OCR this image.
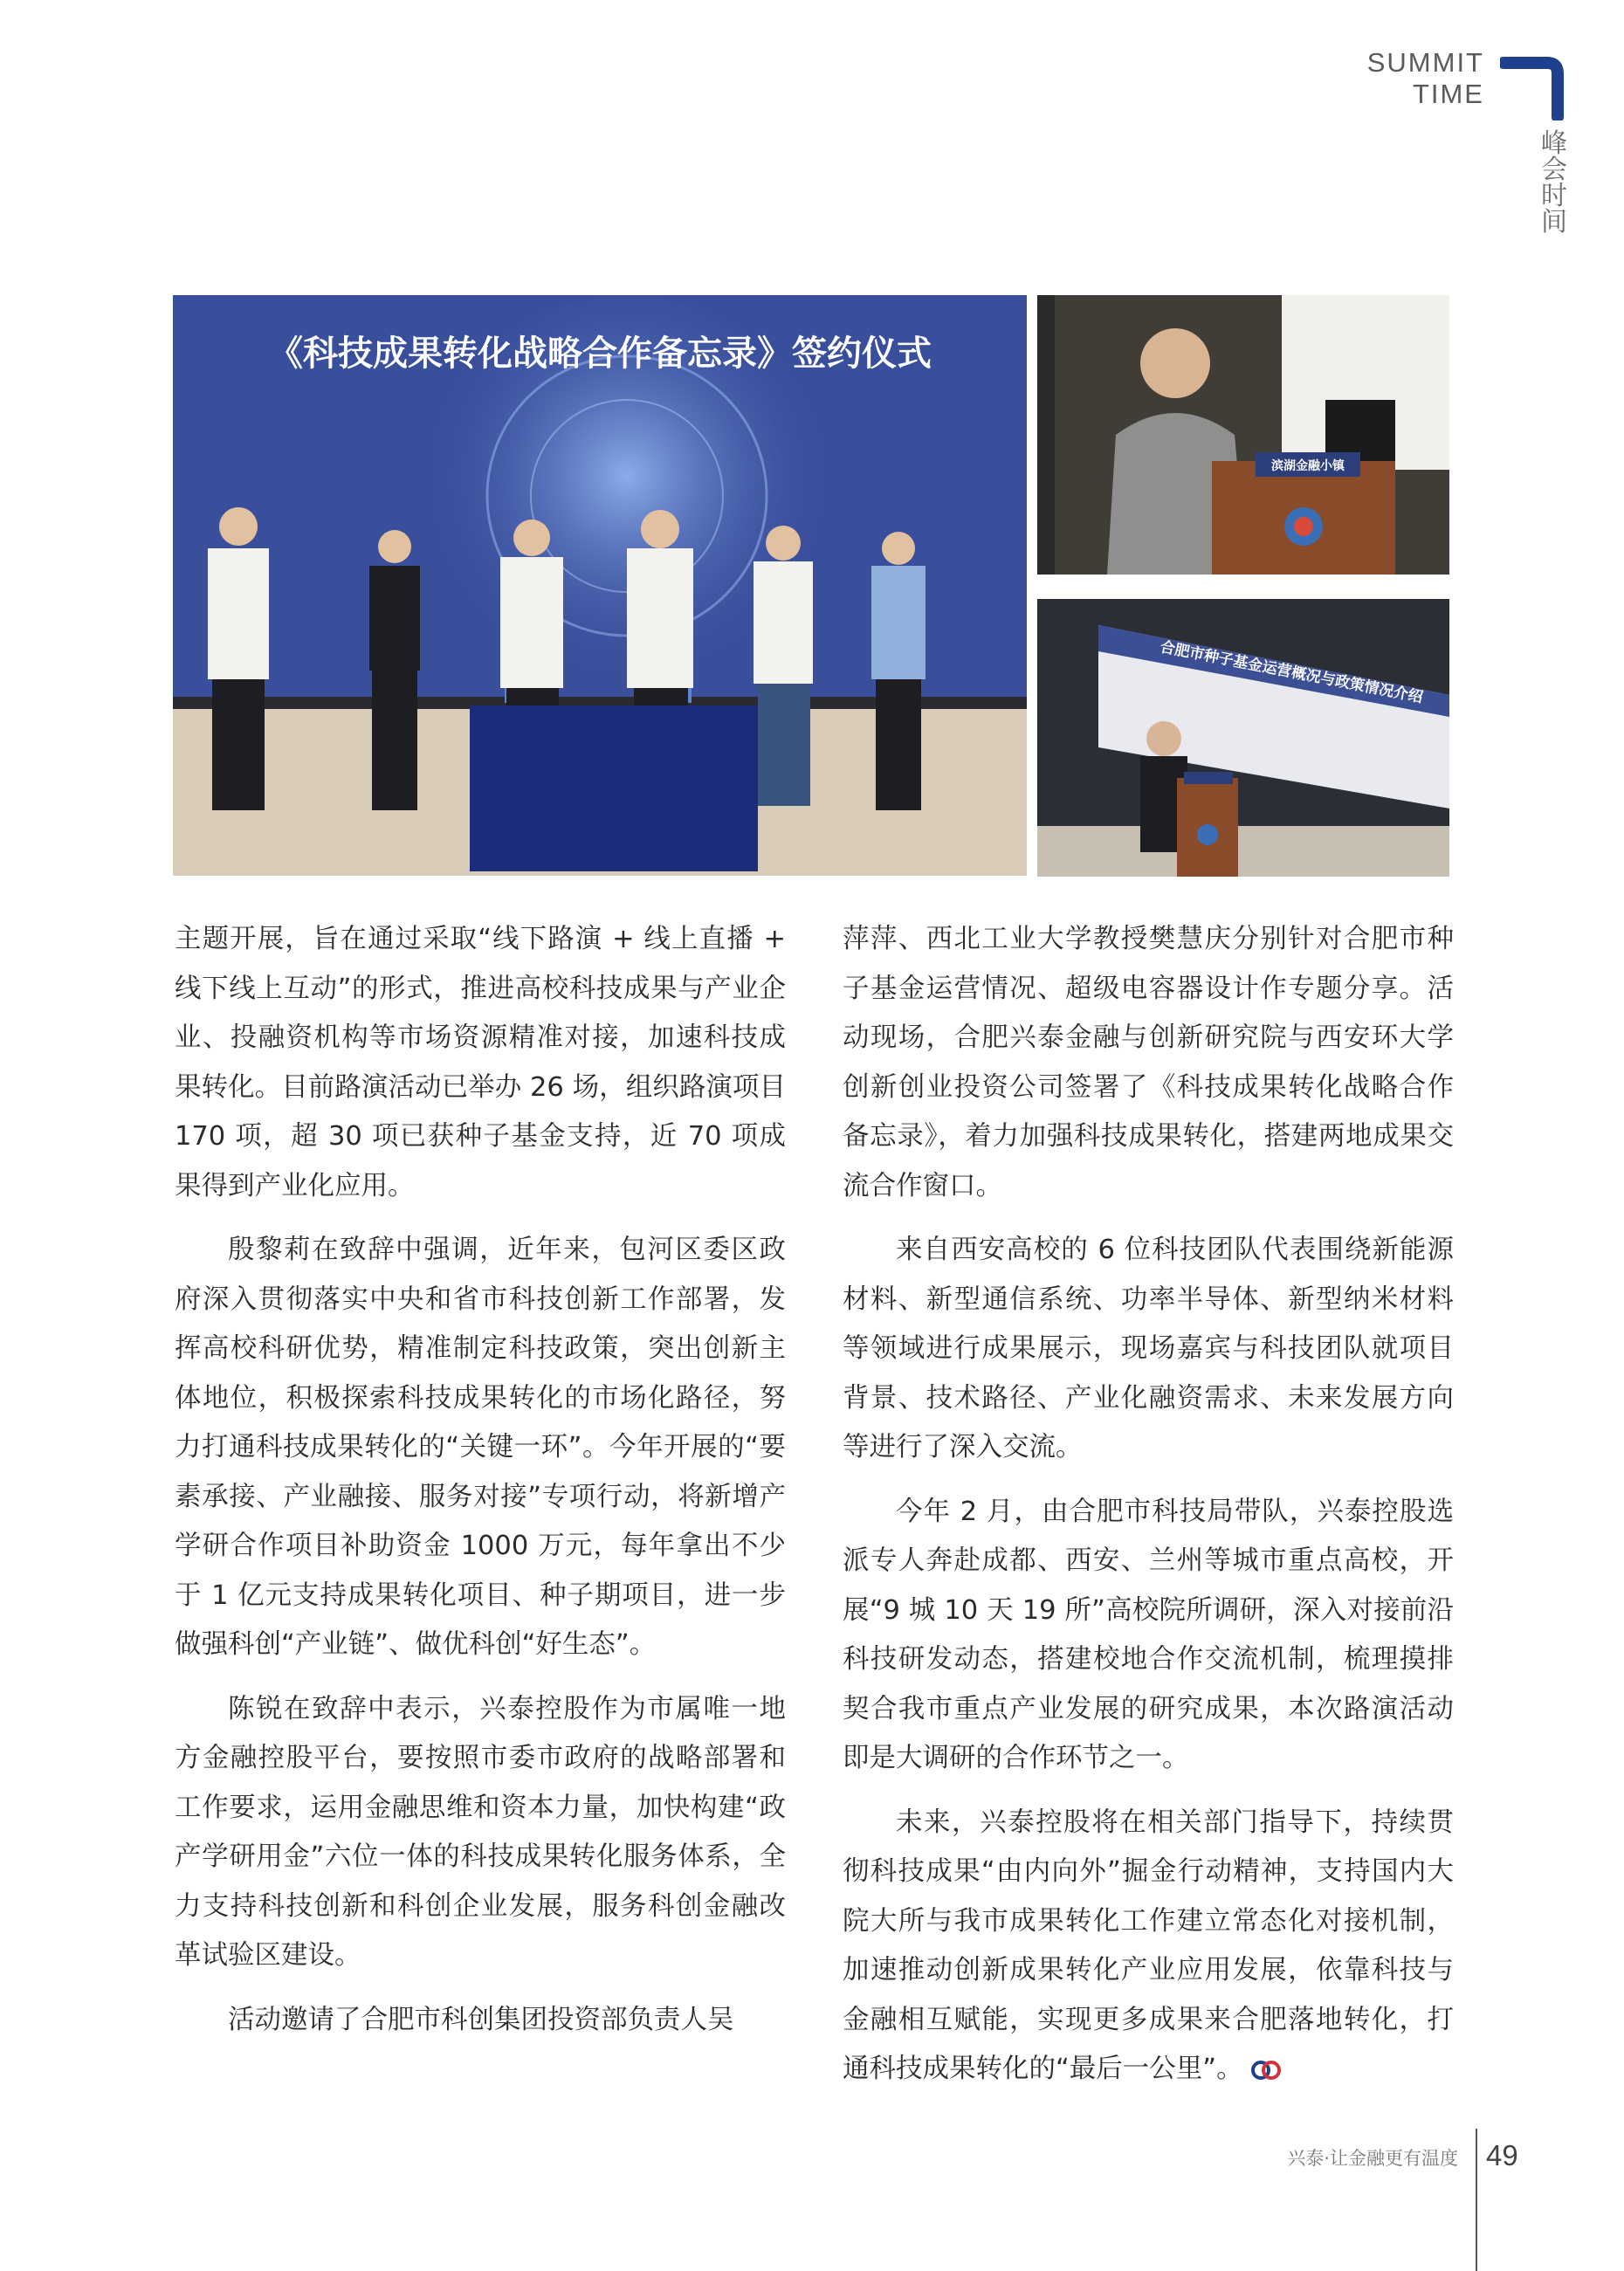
SUMMIT TIME
峰会时间
《科技成果转化战略合作备忘录》签约仪式
滨湖金融小镇
合肥市种子基金运营概况与政策情况介绍

主题开展，旨在通过采取“线下路演 + 线上直播 + 线下线上互动”的形式，推进高校科技成果与产业企业、投融资机构等市场资源精准对接，加速科技成果转化。目前路演活动已举办 26 场，组织路演项目 170 项，超 30 项已获种子基金支持，近 70 项成果得到产业化应用。

殷黎莉在致辞中强调，近年来，包河区委区政府深入贯彻落实中央和省市科技创新工作部署，发挥高校科研优势，精准制定科技政策，突出创新主体地位，积极探索科技成果转化的市场化路径，努力打通科技成果转化的“关键一环”。今年开展的“要素承接、产业融接、服务对接”专项行动，将新增产学研合作项目补助资金 1000 万元，每年拿出不少于 1 亿元支持成果转化项目、种子期项目，进一步做强科创“产业链”、做优科创“好生态”。

陈锐在致辞中表示，兴泰控股作为市属唯一地方金融控股平台，要按照市委市政府的战略部署和工作要求，运用金融思维和资本力量，加快构建“政产学研用金”六位一体的科技成果转化服务体系，全力支持科技创新和科创企业发展，服务科创金融改革试验区建设。

活动邀请了合肥市科创集团投资部负责人吴

萍萍、西北工业大学教授樊慧庆分别针对合肥市种子基金运营情况、超级电容器设计作专题分享。活动现场，合肥兴泰金融与创新研究院与西安环大学创新创业投资公司签署了《科技成果转化战略合作备忘录》，着力加强科技成果转化，搭建两地成果交流合作窗口。

来自西安高校的 6 位科技团队代表围绕新能源材料、新型通信系统、功率半导体、新型纳米材料等领域进行成果展示，现场嘉宾与科技团队就项目背景、技术路径、产业化融资需求、未来发展方向等进行了深入交流。

今年 2 月，由合肥市科技局带队，兴泰控股选派专人奔赴成都、西安、兰州等城市重点高校，开展“9 城 10 天 19 所”高校院所调研，深入对接前沿科技研发动态，搭建校地合作交流机制，梳理摸排契合我市重点产业发展的研究成果，本次路演活动即是大调研的合作环节之一。

未来，兴泰控股将在相关部门指导下，持续贯彻科技成果“由内向外”掘金行动精神，支持国内大院大所与我市成果转化工作建立常态化对接机制，加速推动创新成果转化产业应用发展，依靠科技与金融相互赋能，实现更多成果来合肥落地转化，打通科技成果转化的“最后一公里”。

兴泰·让金融更有温度 49
